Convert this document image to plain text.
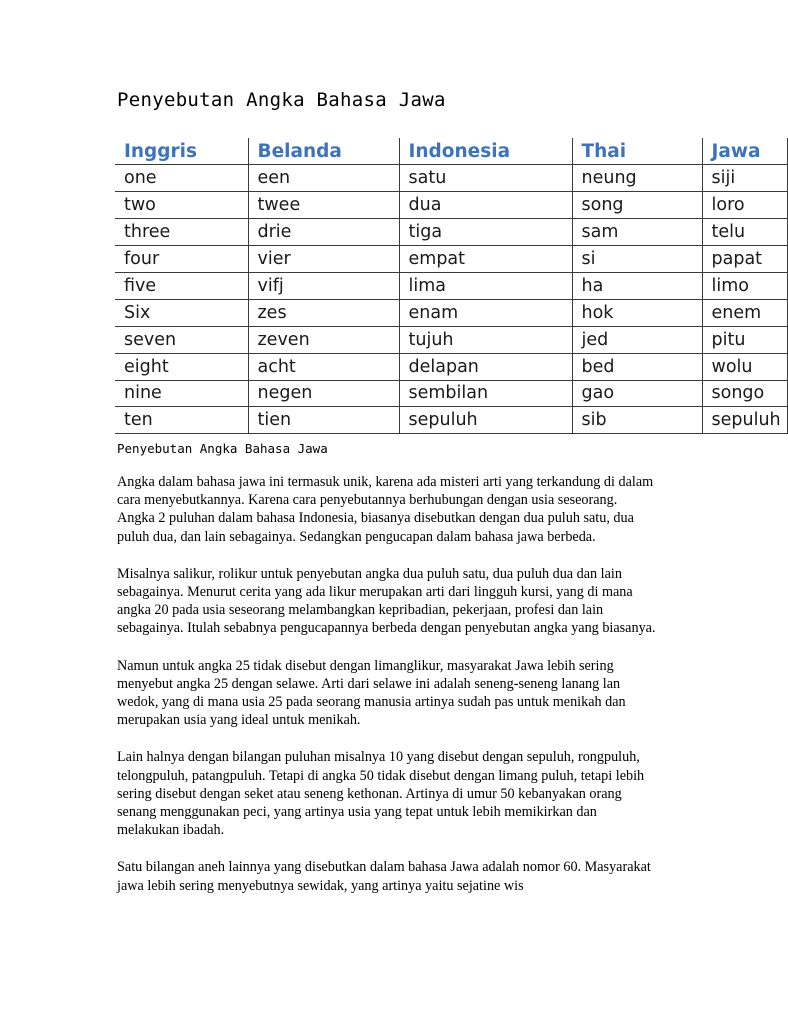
Penyebutan Angka Bahasa Jawa
Inggris	Belanda	Indonesia	Thai	Jawa
one	een	satu	neung	siji
two	twee	dua	song	loro
three	drie	tiga	sam	telu
four	vier	empat	si	papat
five	vifj	lima	ha	limo
Six	zes	enam	hok	enem
seven	zeven	tujuh	jed	pitu
eight	acht	delapan	bed	wolu
nine	negen	sembilan	gao	songo
ten	tien	sepuluh	sib	sepuluh
Penyebutan Angka Bahasa Jawa

Angka dalam bahasa jawa ini termasuk unik, karena ada misteri arti yang terkandung di dalam cara menyebutkannya. Karena cara penyebutannya berhubungan dengan usia seseorang. Angka 2 puluhan dalam bahasa Indonesia, biasanya disebutkan dengan dua puluh satu, dua puluh dua, dan lain sebagainya. Sedangkan pengucapan dalam bahasa jawa berbeda.

Misalnya salikur, rolikur untuk penyebutan angka dua puluh satu, dua puluh dua dan lain sebagainya. Menurut cerita yang ada likur merupakan arti dari lingguh kursi, yang di mana angka 20 pada usia seseorang melambangkan kepribadian, pekerjaan, profesi dan lain sebagainya. Itulah sebabnya pengucapannya berbeda dengan penyebutan angka yang biasanya.

Namun untuk angka 25 tidak disebut dengan limanglikur, masyarakat Jawa lebih sering menyebut angka 25 dengan selawe. Arti dari selawe ini adalah seneng-seneng lanang lan wedok, yang di mana usia 25 pada seorang manusia artinya sudah pas untuk menikah dan merupakan usia yang ideal untuk menikah.

Lain halnya dengan bilangan puluhan misalnya 10 yang disebut dengan sepuluh, rongpuluh, telongpuluh, patangpuluh. Tetapi di angka 50 tidak disebut dengan limang puluh, tetapi lebih sering disebut dengan seket atau seneng kethonan. Artinya di umur 50 kebanyakan orang senang menggunakan peci, yang artinya usia yang tepat untuk lebih memikirkan dan melakukan ibadah.

Satu bilangan aneh lainnya yang disebutkan dalam bahasa Jawa adalah nomor 60. Masyarakat jawa lebih sering menyebutnya sewidak, yang artinya yaitu sejatine wis
